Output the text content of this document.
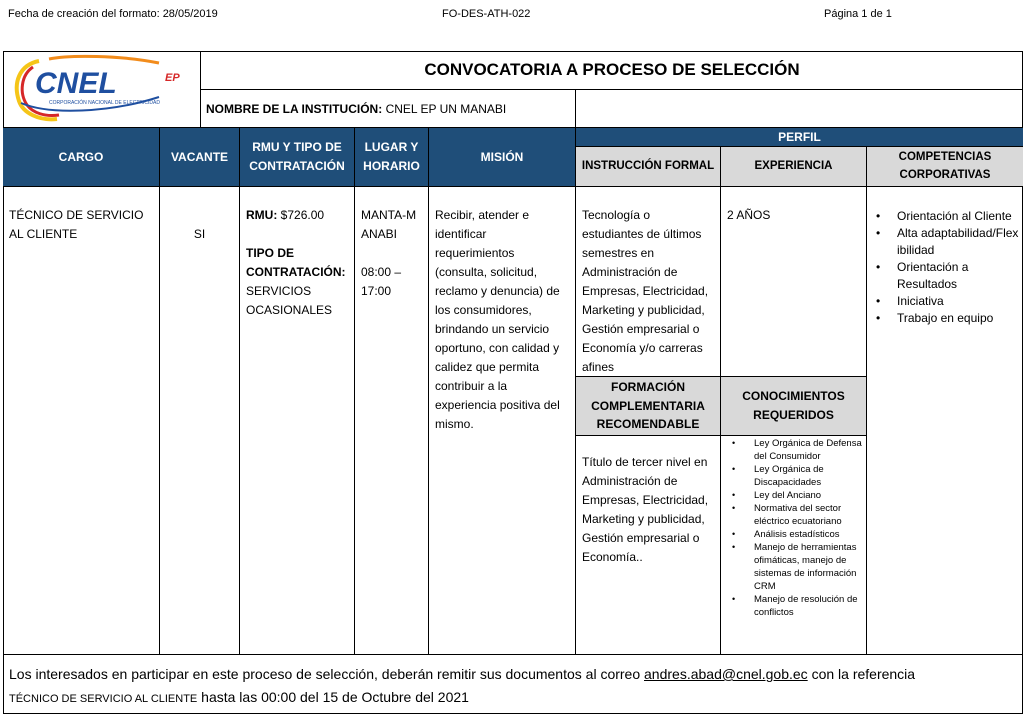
Fecha de creación del formato: 28/05/2019	FO-DES-ATH-022	Página 1 de 1
CNEL	EP
CORPORACIÓN NACIONAL DE ELECTRICIDAD
CONVOCATORIA A PROCESO DE SELECCIÓN
NOMBRE DE LA INSTITUCIÓN:
CNEL EP UN MANABI
CARGO	VACANTE
RMU Y TIPO DE CONTRATACIÓN
LUGAR Y HORARIO
MISIÓN
PERFIL
INSTRUCCIÓN FORMAL	EXPERIENCIA
COMPETENCIAS CORPORATIVAS
TÉCNICO DE SERVICIO AL CLIENTE	SI
RMU: $726.00
TIPO DE CONTRATACIÓN:
SERVICIOS OCASIONALES
MANTA-MANABI
08:00 – 17:00
Recibir, atender e identificar requerimientos (consulta, solicitud, reclamo y denuncia) de los consumidores, brindando un servicio oportuno, con calidad y calidez que permita contribuir a la experiencia positiva del mismo.
Tecnología o estudiantes de últimos semestres en Administración de Empresas, Electricidad, Marketing y publicidad, Gestión empresarial o Economía y/o carreras afines
2 AÑOS
•	Orientación al Cliente
• Alta adaptabilidad/Flexibilidad
• Orientación a Resultados
• Iniciativa
• Trabajo en equipo
FORMACIÓN COMPLEMENTARIA RECOMENDABLE
CONOCIMIENTOS REQUERIDOS
Título de tercer nivel en Administración de Empresas, Electricidad, Marketing y publicidad, Gestión empresarial o Economía..
• Ley Orgánica de Defensa del Consumidor
• Ley Orgánica de Discapacidades
• Ley del Anciano
• Normativa del sector eléctrico ecuatoriano
• Análisis estadísticos
• Manejo de herramientas ofimáticas, manejo de sistemas de información CRM
• Manejo de resolución de conflictos
Los interesados en participar en este proceso de selección, deberán remitir sus documentos al correo andres.abad@cnel.gob.ec con la referencia
TÉCNICO DE SERVICIO AL CLIENTE hasta las 00:00 del 15 de Octubre del 2021
